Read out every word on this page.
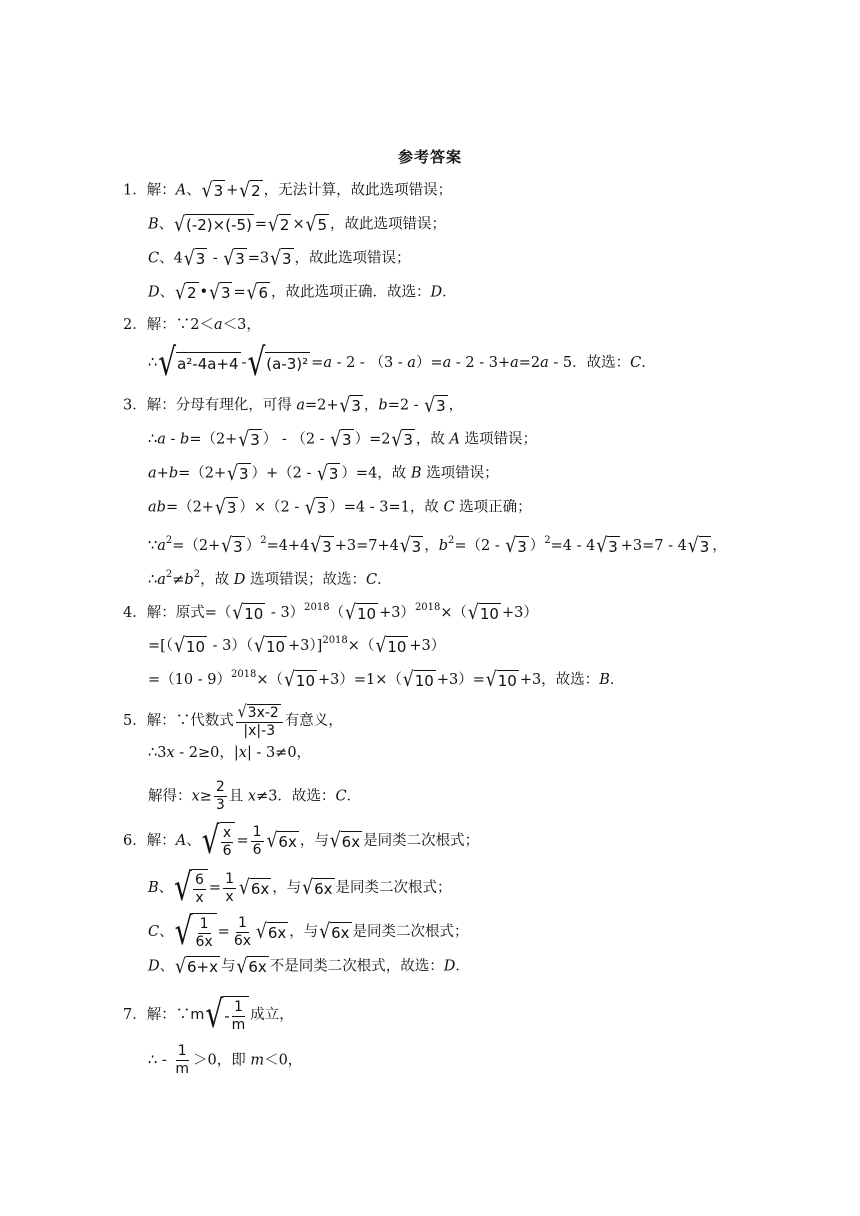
参考答案
1．解：A、√3 +√2 ，无法计算，故此选项错误；
B、√(-2)×(-5) =√2 ×√5 ，故此选项错误；
C、4√3 - √3 =3√3 ，故此选项错误；
D、√2 •√3 =√6 ，故此选项正确．故选：D．
2．解：∵2＜a＜3，
∴√a²-4a+4 -√(a-3)² =a - 2 - （3 - a）=a - 2 - 3+a=2a - 5．故选：C．
3．解：分母有理化，可得 a=2+√3 ，b=2 - √3 ，
∴a - b=（2+√3 ） - （2 - √3 ）=2√3 ，故 A 选项错误；
a+b=（2+√3 ）+（2 - √3 ）=4，故 B 选项错误；
ab=（2+√3 ）×（2 - √3 ）=4 - 3=1，故 C 选项正确；
$\because a^2=(2+√3$ ）$^2$=4+4√3 +3=7+4√3 ，$b^2=(2 - √3$ ）$^2$=4 - 4√3 +3=7 - 4√3 ，
$\therefore a^2\ne b^2$，故 D 选项错误；故选：C．
4．解：原式$=(√10 - 3)^{2018}(√10 +3)^{2018}\times(√10 +3)$
$=[(√10 - 3)(√10 +3)]^{2018}\times(√10 +3)$
=（10 - 9）$^{2018}$×（√10 +3）=1×（√10 +3）=√10 +3，故选：B．
5．解：∵代数式 $\frac{√3x-2}{|x|-3}$ 有意义，
∴3x - 2≥0，|x| - 3≠0，
解得：$x\ge \frac{2}{3}$ 且 x≠3．故选：C．
6．解：A、√ $\frac{x}{6} = \frac{1}{6} √6x$ ，与√6x 是同类二次根式；
B、√ $\frac{6}{x} = \frac{1}{x} √6x$ ，与√6x 是同类二次根式；
C、√ $\frac{1}{6x} = \frac{1}{6x} √6x$ ，与√6x 是同类二次根式；
D、√6+x 与√6x 不是同类二次根式，故选：D．
7．解：∵m√- $\frac{1}{m}$ 成立，
∴ - $\frac{1}{m} >0$，即 m＜0，
